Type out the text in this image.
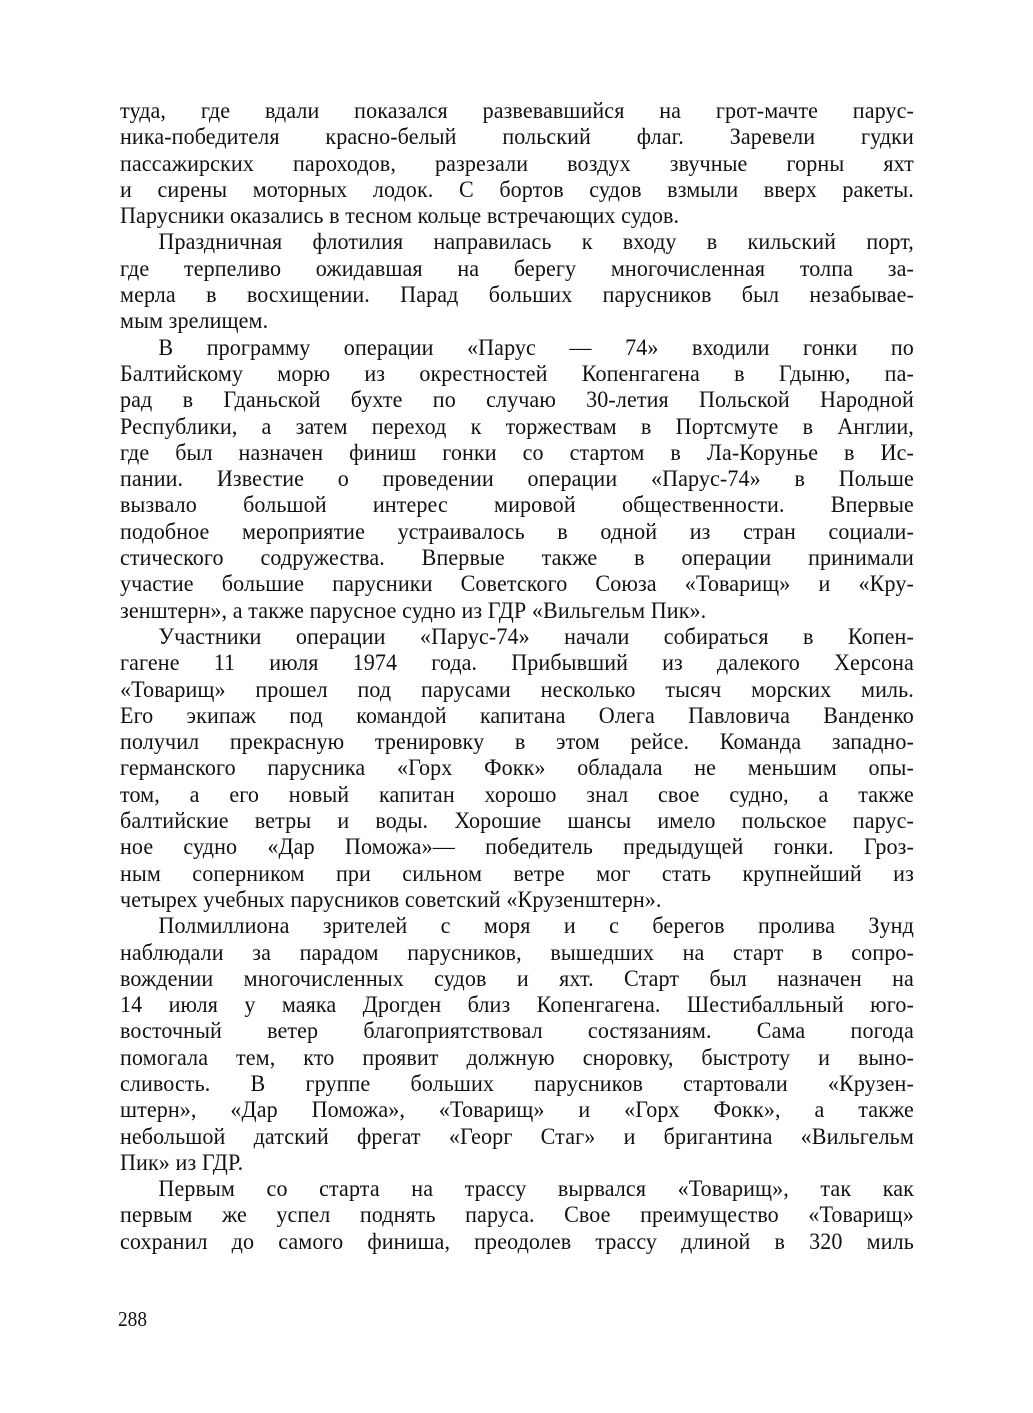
туда, где вдали показался развевавшийся на грот-мачте парус-
ника-победителя красно-белый польский флаг. Заревели гудки
пассажирских пароходов, разрезали воздух звучные горны яхт
и сирены моторных лодок. С бортов судов взмыли вверх ракеты.
Парусники оказались в тесном кольце встречающих судов.
Праздничная флотилия направилась к входу в кильский порт,
где терпеливо ожидавшая на берегу многочисленная толпа за-
мерла в восхищении. Парад больших парусников был незабывае-
мым зрелищем.
В программу операции «Парус — 74» входили гонки по
Балтийскому морю из окрестностей Копенгагена в Гдыню, па-
рад в Гданьской бухте по случаю 30-летия Польской Народной
Республики, а затем переход к торжествам в Портсмуте в Англии,
где был назначен финиш гонки со стартом в Ла-Корунье в Ис-
пании. Известие о проведении операции «Парус-74» в Польше
вызвало большой интерес мировой общественности. Впервые
подобное мероприятие устраивалось в одной из стран социали-
стического содружества. Впервые также в операции принимали
участие большие парусники Советского Союза «Товарищ» и «Кру-
зенштерн», а также парусное судно из ГДР «Вильгельм Пик».
Участники операции «Парус-74» начали собираться в Копен-
гагене 11 июля 1974 года. Прибывший из далекого Херсона
«Товарищ» прошел под парусами несколько тысяч морских миль.
Его экипаж под командой капитана Олега Павловича Ванденко
получил прекрасную тренировку в этом рейсе. Команда западно-
германского парусника «Горх Фокк» обладала не меньшим опы-
том, а его новый капитан хорошо знал свое судно, а также
балтийские ветры и воды. Хорошие шансы имело польское парус-
ное судно «Дар Поможа»— победитель предыдущей гонки. Гроз-
ным соперником при сильном ветре мог стать крупнейший из
четырех учебных парусников советский «Крузенштерн».
Полмиллиона зрителей с моря и с берегов пролива Зунд
наблюдали за парадом парусников, вышедших на старт в сопро-
вождении многочисленных судов и яхт. Старт был назначен на
14 июля у маяка Дрогден близ Копенгагена. Шестибалльный юго-
восточный ветер благоприятствовал состязаниям. Сама погода
помогала тем, кто проявит должную сноровку, быстроту и выно-
сливость. В группе больших парусников стартовали «Крузен-
штерн», «Дар Поможа», «Товарищ» и «Горх Фокк», а также
небольшой датский фрегат «Георг Стаг» и бригантина «Вильгельм
Пик» из ГДР.
Первым со старта на трассу вырвался «Товарищ», так как
первым же успел поднять паруса. Свое преимущество «Товарищ»
сохранил до самого финиша, преодолев трассу длиной в 320 миль
288
